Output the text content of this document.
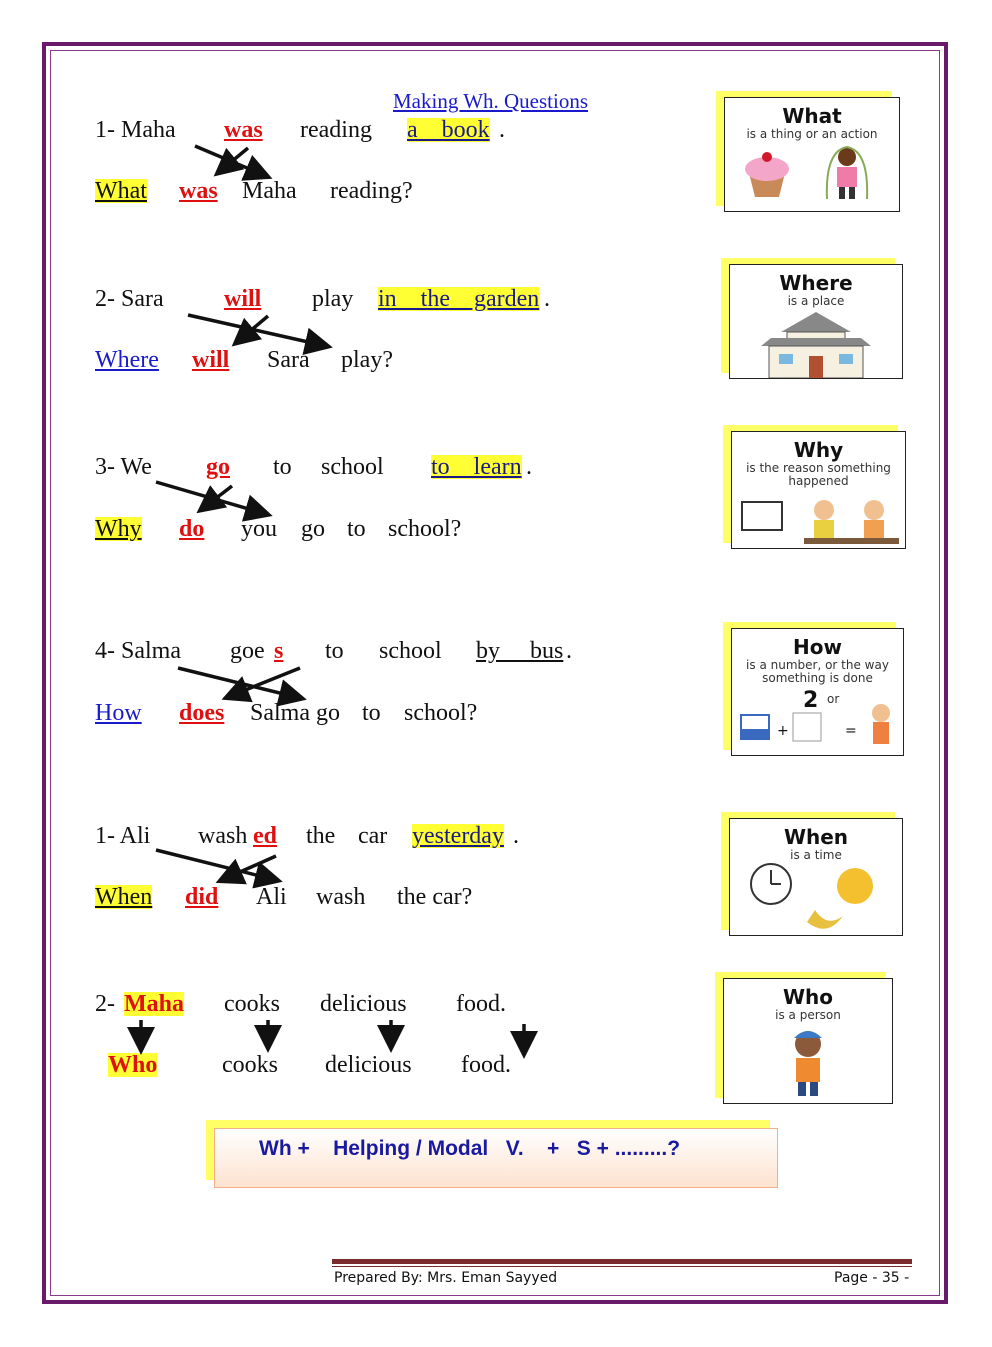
Making Wh. Questions
1- Maha was reading a    book .
What was Maha reading?
2- Sara	will play in    the    garden .
Where will Sara play?
3- We go to school to    learn .
Why do you go to school?
4- Salma goe s to school by     bus .
How does Salma go to school?
1- Ali wash ed the car yesterday .
When did Ali wash the car?
2- Maha cooks delicious food.
Who	cooks delicious food.
What
is a thing or an action
Where
is a place
Why
is the reason something happened
How
is a number, or the way something is done
2 or
+	=
When
is a time
Who
is a person
Wh +    Helping / Modal   V.    +   S + .........?
Prepared By: Mrs. Eman Sayyed	Page - 35 -
